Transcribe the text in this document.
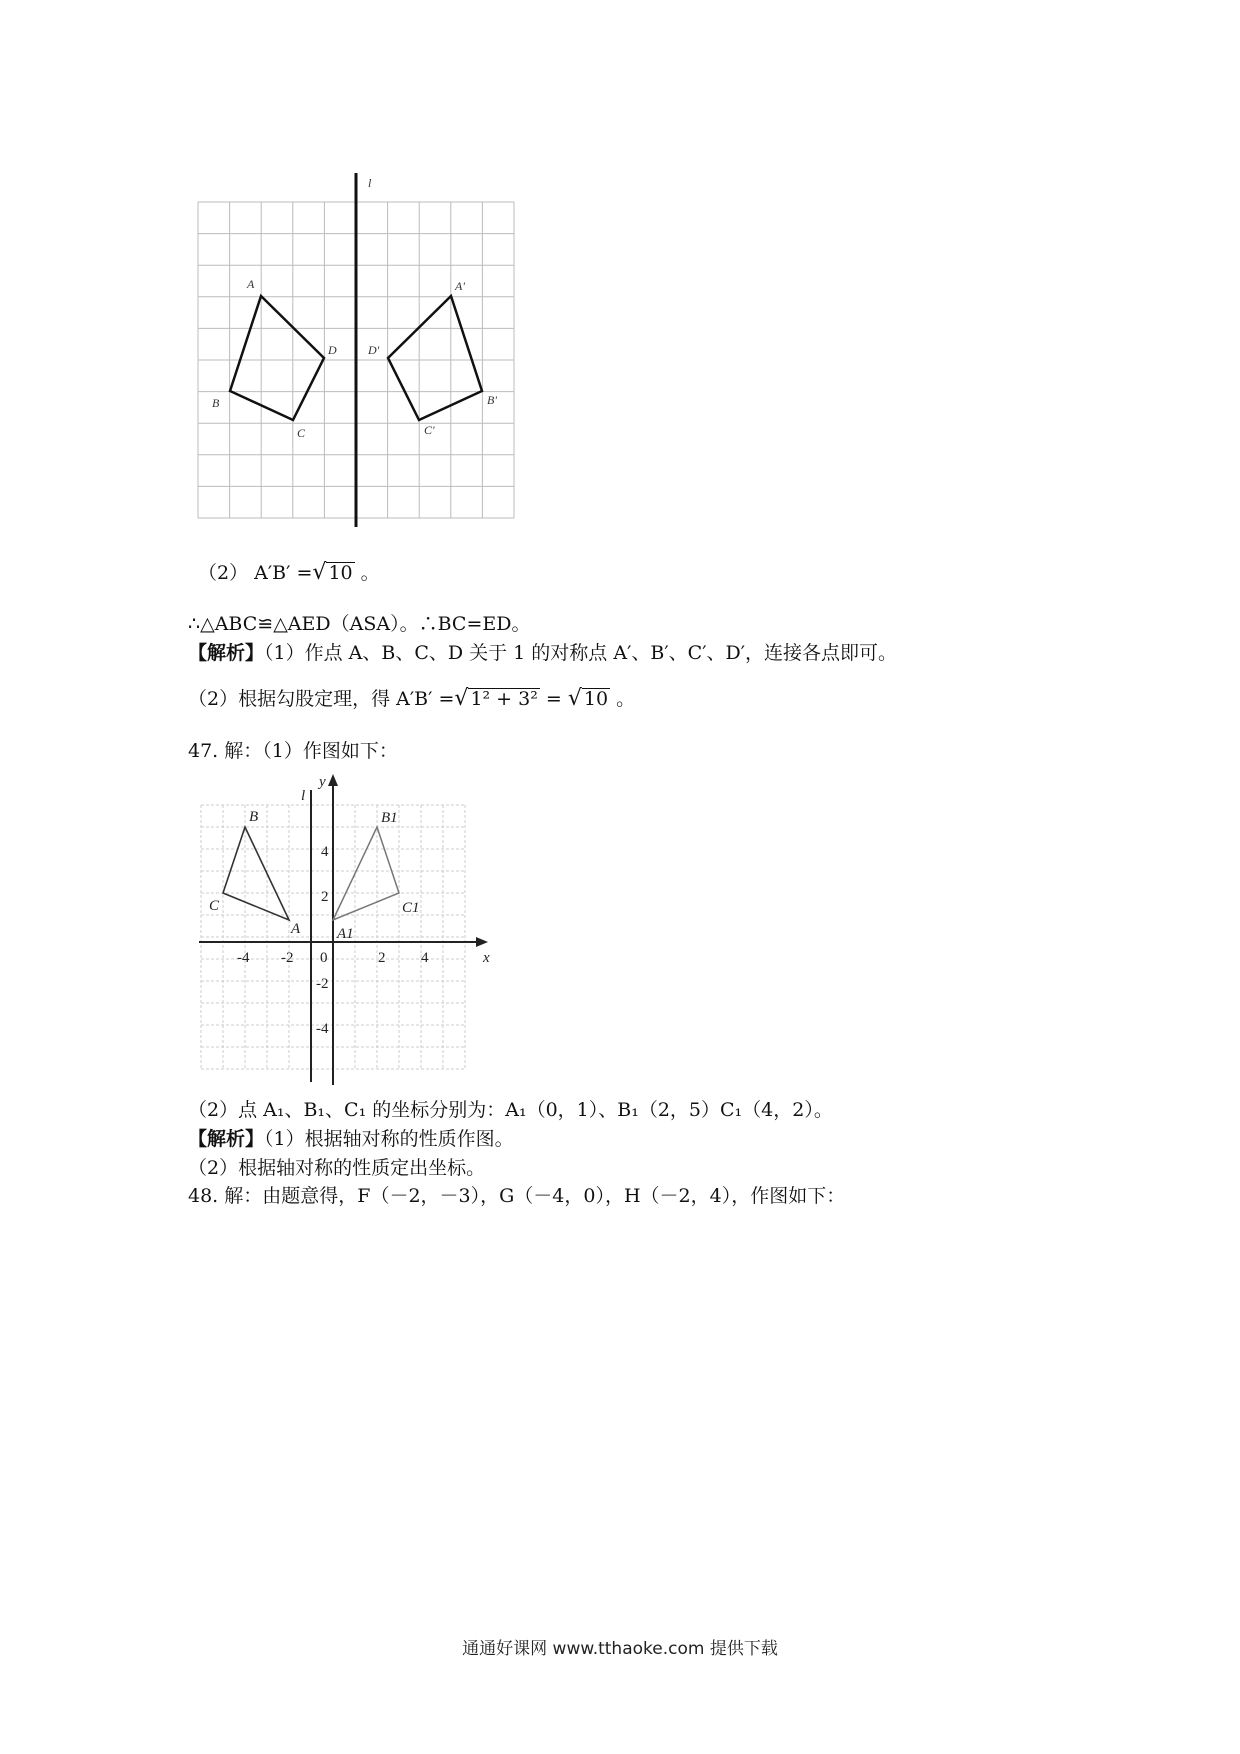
l
A
B
C
D
A'
B'
C'
D'
（2） A′B′ =√ 10 。
∴△ABC≌△AED（ASA）。∴BC=ED。
【解析】（1）作点 A、B、C、D 关于 1 的对称点 A′、B′、C′、D′，连接各点即可。
（2）根据勾股定理，得 A′B′ =√ 1² + 3² = √ 10 。
47. 解：（1）作图如下：
l
y
x
-4 -2 0	2 4
4
2
-2
-4
B
C
A
B1
C1
A1
（2）点 A₁、B₁、C₁ 的坐标分别为：A₁（0，1）、B₁（2，5）C₁（4，2）。
【解析】（1）根据轴对称的性质作图。
（2）根据轴对称的性质定出坐标。
48. 解：由题意得，F（－2，－3），G（－4，0），H（－2，4），作图如下：
通通好课网 www.tthaoke.com 提供下载
